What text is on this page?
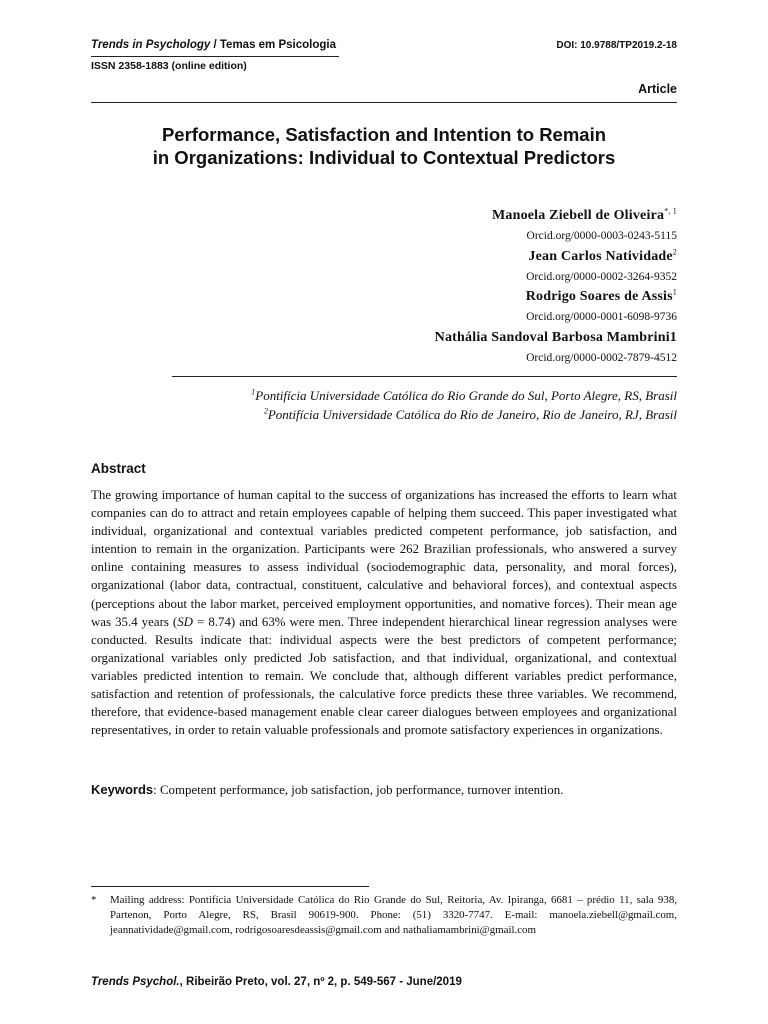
Trends in Psychology / Temas em Psicologia
ISSN 2358-1883 (online edition)
DOI: 10.9788/TP2019.2-18
Article
Performance, Satisfaction and Intention to Remain
in Organizations: Individual to Contextual Predictors
Manoela Ziebell de Oliveira$^{*, 1}$
Orcid.org/0000-0003-0243-5115
Jean Carlos Natividade$^2$
Orcid.org/0000-0002-3264-9352
Rodrigo Soares de Assis$^1$
Orcid.org/0000-0001-6098-9736
Nathália Sandoval Barbosa Mambrini1
Orcid.org/0000-0002-7879-4512
$^1$Pontifícia Universidade Católica do Rio Grande do Sul, Porto Alegre, RS, Brasil
$^2$Pontifícia Universidade Católica do Rio de Janeiro, Rio de Janeiro, RJ, Brasil
Abstract
The growing importance of human capital to the success of organizations has increased the efforts to learn what companies can do to attract and retain employees capable of helping them succeed. This paper investigated what individual, organizational and contextual variables predicted competent performance, job satisfaction, and intention to remain in the organization. Participants were 262 Brazilian professionals, who answered a survey online containing measures to assess individual (sociodemographic data, personality, and moral forces), organizational (labor data, contractual, constituent, calculative and behavioral forces), and contextual aspects (perceptions about the labor market, perceived employment opportunities, and nomative forces). Their mean age was 35.4 years (SD = 8.74) and 63% were men. Three independent hierarchical linear regression analyses were conducted. Results indicate that: individual aspects were the best predictors of competent performance; organizational variables only predicted Job satisfaction, and that individual, organizational, and contextual variables predicted intention to remain. We conclude that, although different variables predict performance, satisfaction and retention of professionals, the calculative force predicts these three variables. We recommend, therefore, that evidence-based management enable clear career dialogues between employees and organizational representatives, in order to retain valuable professionals and promote satisfactory experiences in organizations.
Keywords: Competent performance, job satisfaction, job performance, turnover intention.
* Mailing address: Pontifícia Universidade Católica do Rio Grande do Sul, Reitoria, Av. Ipiranga, 6681 – prédio 11, sala 938, Partenon, Porto Alegre, RS, Brasil 90619-900. Phone: (51) 3320-7747. E-mail: manoela.ziebell@gmail.com, jeannatividade@gmail.com, rodrigosoaresdeassis@gmail.com and nathaliamambrini@gmail.com
Trends Psychol., Ribeirão Preto, vol. 27, nº 2, p. 549-567 - June/2019
